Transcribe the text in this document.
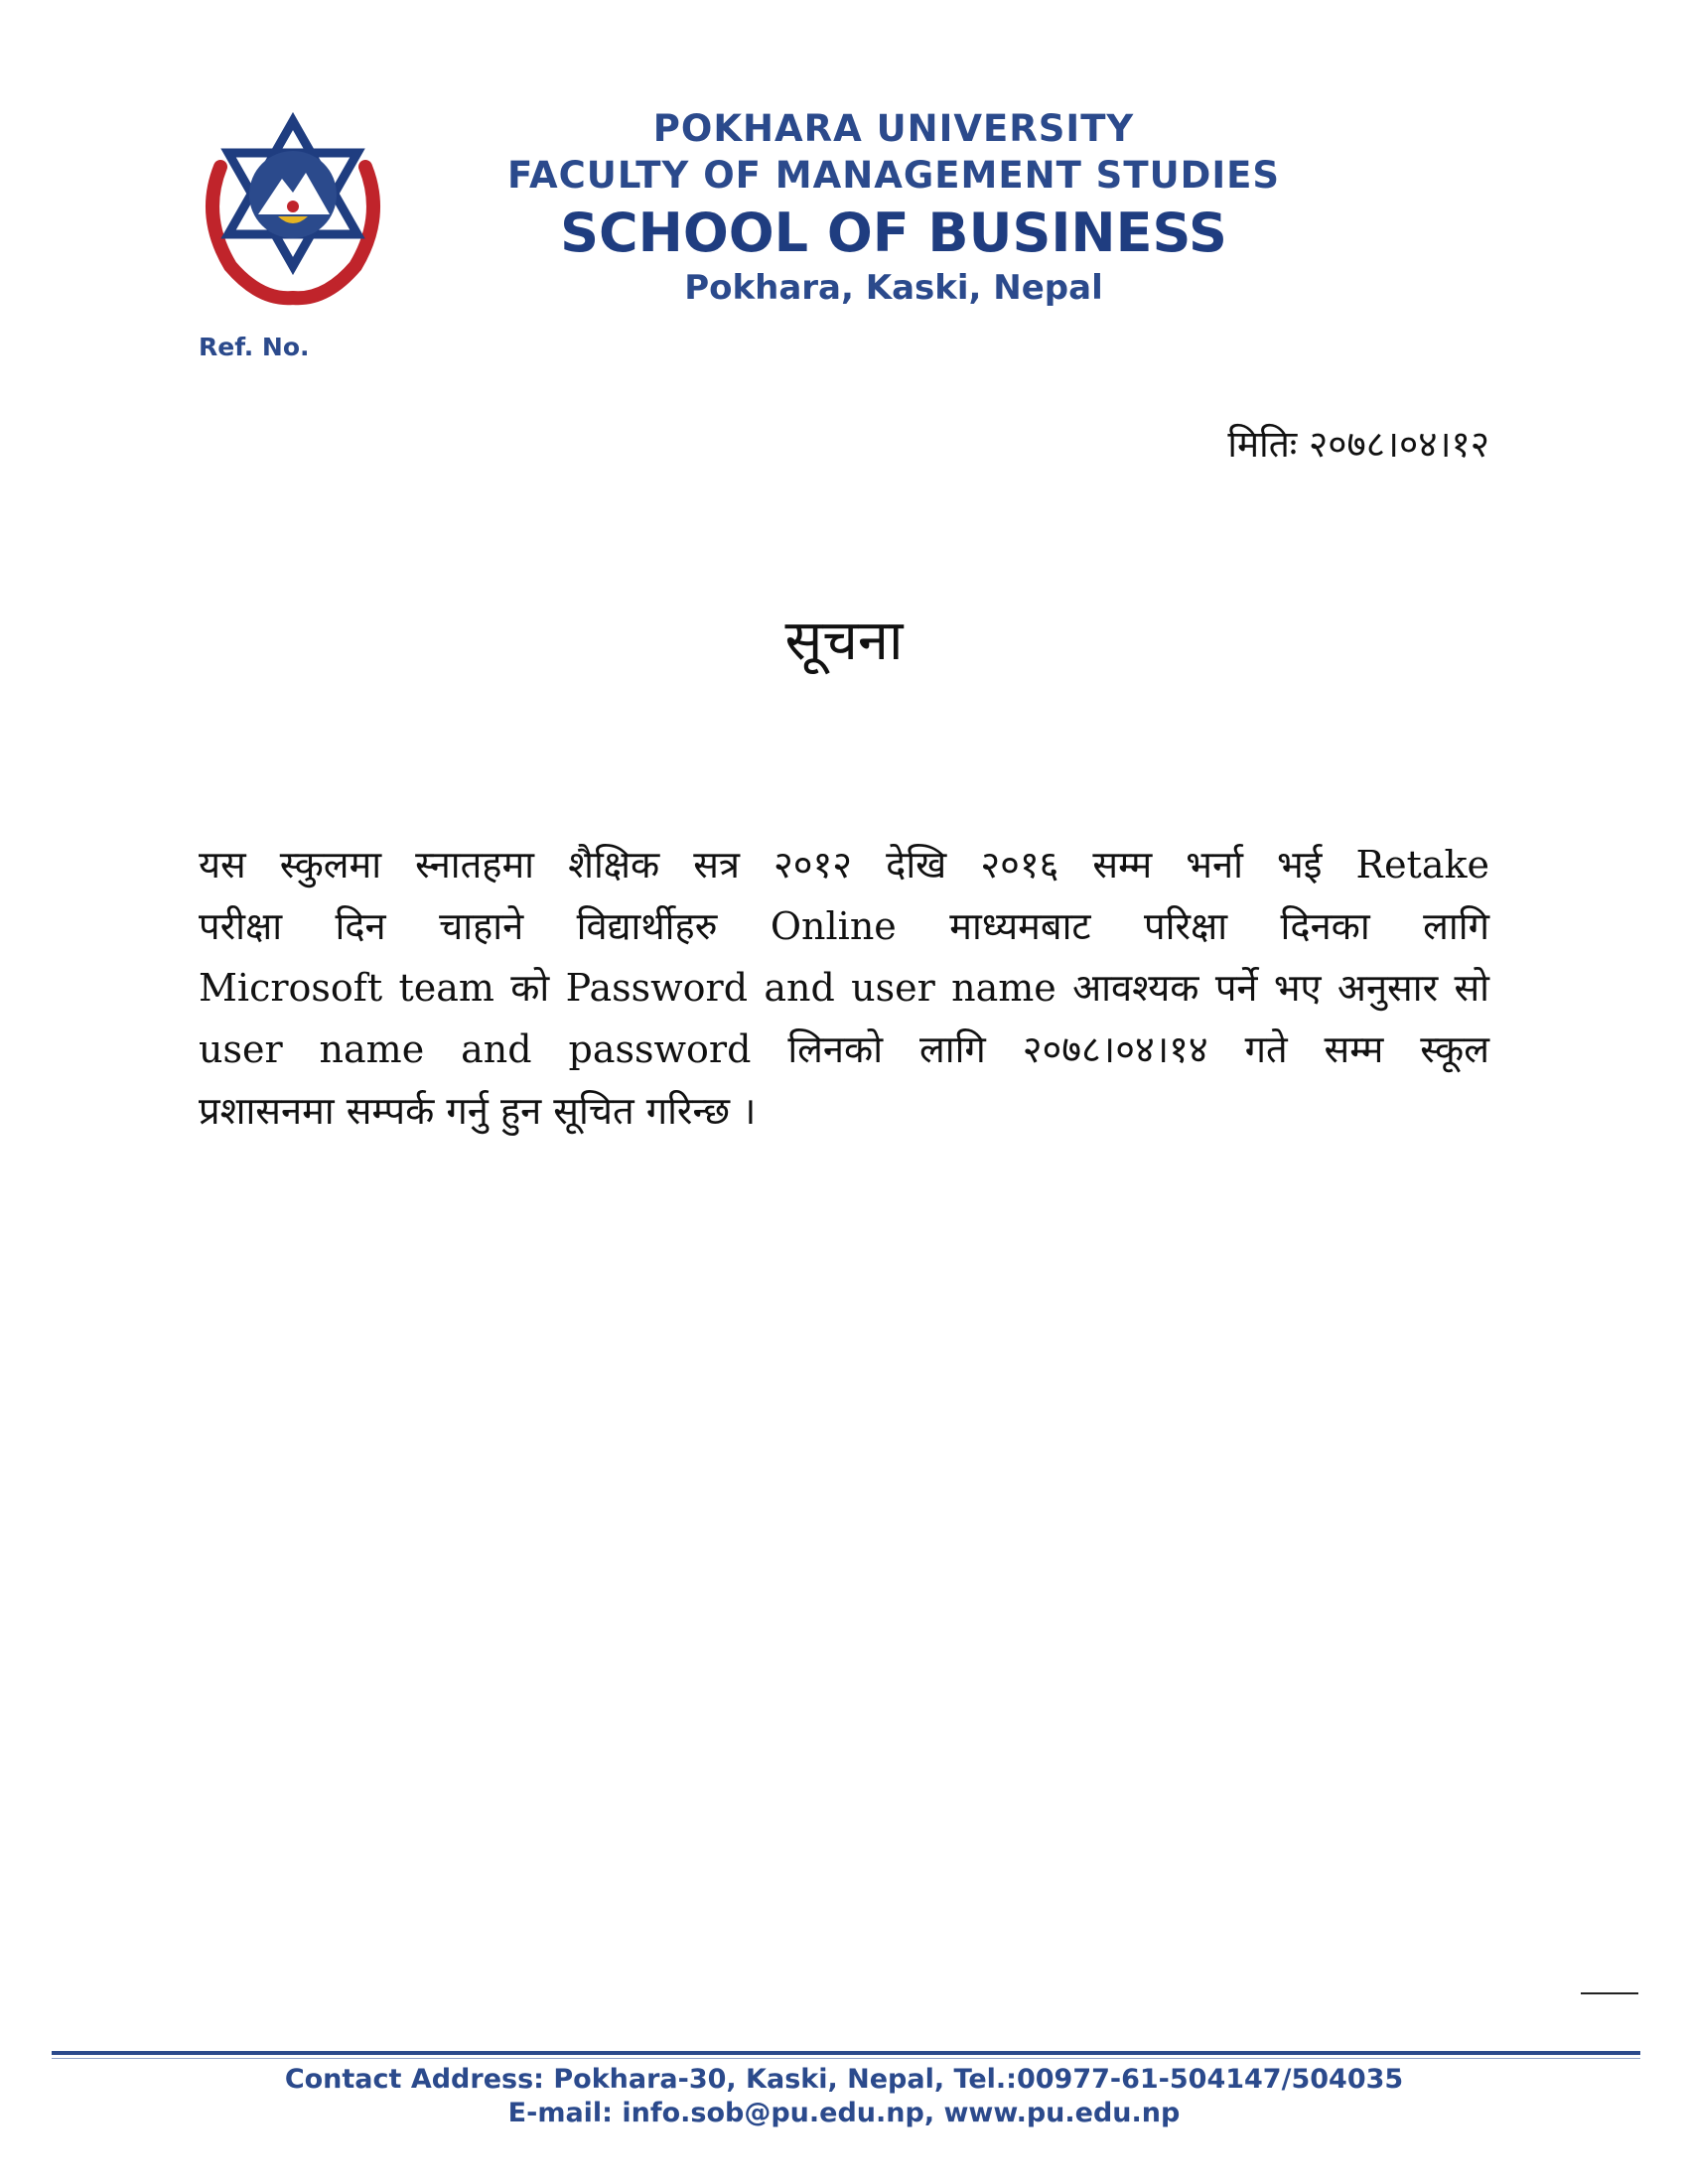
POKHARA UNIVERSITY
FACULTY OF MANAGEMENT STUDIES
SCHOOL OF BUSINESS
Pokhara, Kaski, Nepal
Ref. No.
मितिः २०७८।०४।१२
सूचना
यस स्कुलमा स्नातहमा शैक्षिक सत्र २०१२ देखि २०१६ सम्म भर्ना भई Retake
परीक्षा दिन चाहाने विद्यार्थीहरु Online माध्यमबाट परिक्षा दिनका लागि
Microsoft team को Password and user name आवश्यक पर्ने भए अनुसार सो
user name and password लिनको लागि २०७८।०४।१४ गते सम्म स्कूल
प्रशासनमा सम्पर्क गर्नु हुन सूचित गरिन्छ ।
Contact Address: Pokhara-30, Kaski, Nepal, Tel.:00977-61-504147/504035
E-mail: info.sob@pu.edu.np, www.pu.edu.np
